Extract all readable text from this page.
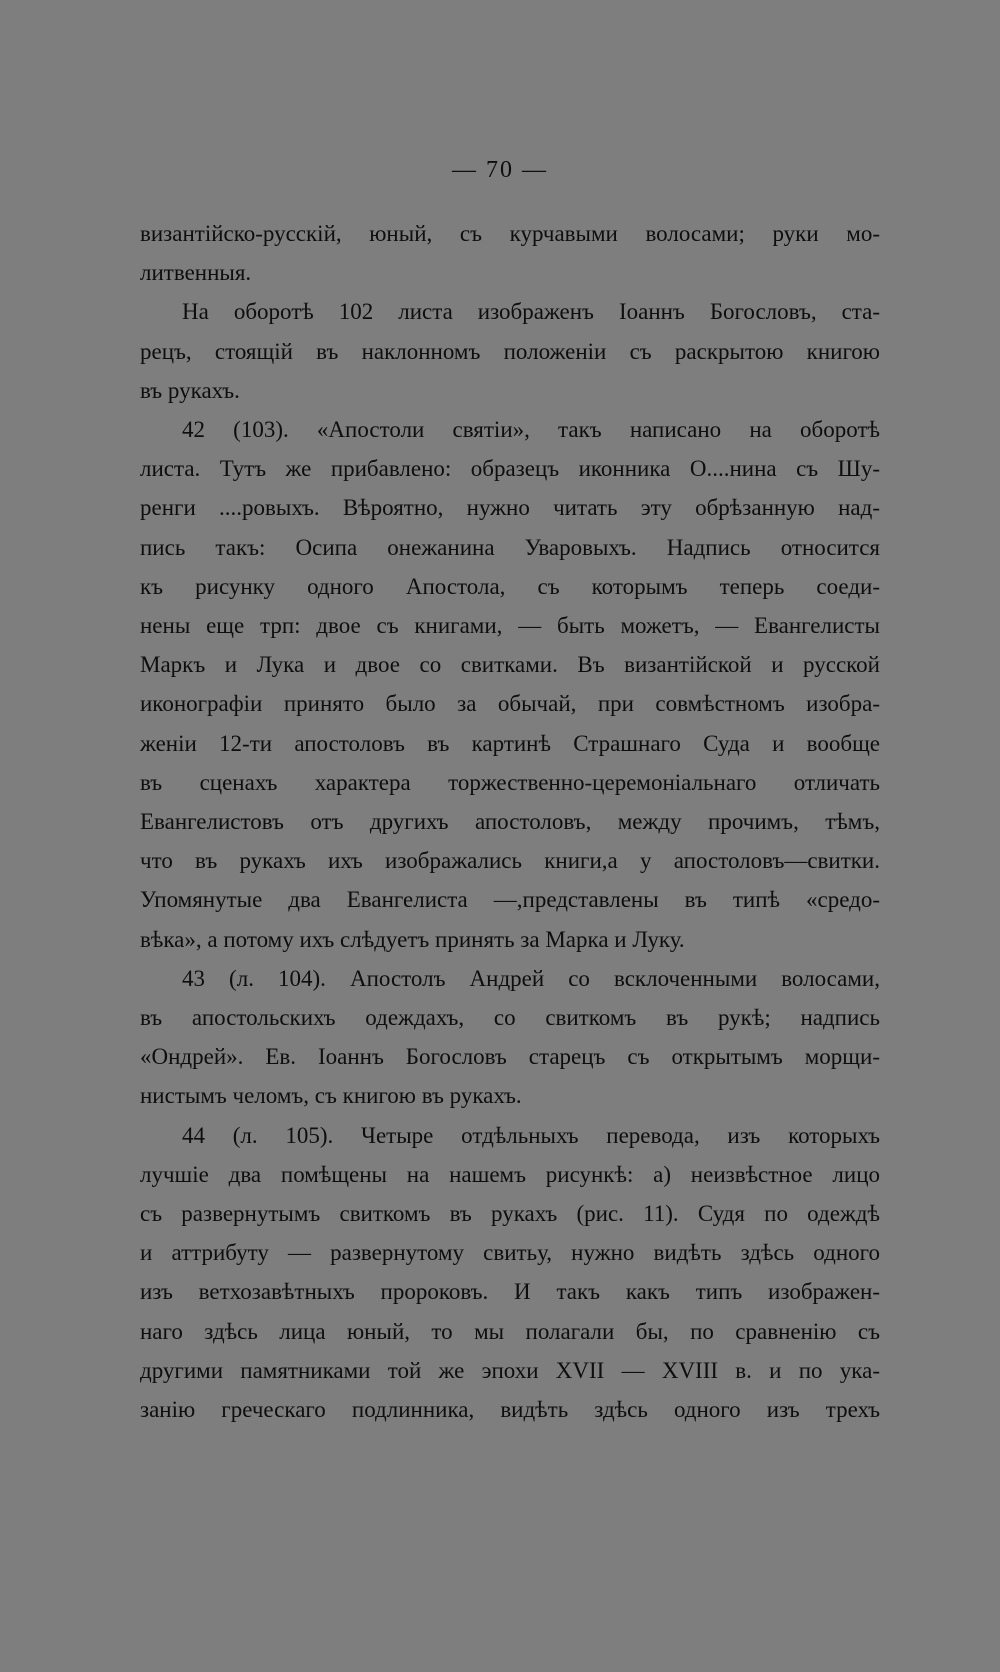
— 70 —

византійско-русскій, юный, съ курчавыми волосами; руки мо-
литвенныя.

На оборотѣ 102 листа изображенъ Іоаннъ Богословъ, ста-
рецъ, стоящій въ наклонномъ положеніи съ раскрытою книгою
въ рукахъ.

42 (103). «Апостоли святіи», такъ написано на оборотѣ
листа. Тутъ же прибавлено: образецъ иконника О....нина съ Шу-
ренги ....ровыхъ. Вѣроятно, нужно читать эту обрѣзанную над-
пись такъ: Осипа онежанина Уваровыхъ. Надпись относится
къ рисунку одного Апостола, съ которымъ теперь соеди-
нены еще трп: двое съ книгами, — быть можетъ, — Евангелисты
Маркъ и Лука и двое со свитками. Въ византійской и русской
иконографіи принято было за обычай, при совмѣстномъ изобра-
женіи 12-ти апостоловъ въ картинѣ Страшнаго Суда и вообще
въ сценахъ характера торжественно-церемоніальнаго отличать
Евангелистовъ отъ другихъ апостоловъ, между прочимъ, тѣмъ,
что въ рукахъ ихъ изображались книги,а у апостоловъ—свитки.
Упомянутые два Евангелиста —,представлены въ типѣ «средо-
вѣка», а потому ихъ слѣдуетъ принять за Марка и Луку.

43 (л. 104). Апостолъ Андрей со всклоченными волосами,
въ апостольскихъ одеждахъ, со свиткомъ въ рукѣ; надпись
«Ондрей». Ев. Іоаннъ Богословъ старецъ съ открытымъ морщи-
нистымъ челомъ, съ книгою въ рукахъ.

44 (л. 105). Четыре отдѣльныхъ перевода, изъ которыхъ
лучшіе два помѣщены на нашемъ рисункѣ: а) неизвѣстное лицо
съ развернутымъ свиткомъ въ рукахъ (рис. 11). Судя по одеждѣ
и аттрибуту — развернутому свитьу, нужно видѣть здѣсь одного
изъ ветхозавѣтныхъ пророковъ. И такъ какъ типъ изображен-
наго здѣсь лица юный, то мы полагали бы, по сравненію съ
другими памятниками той же эпохи XVII — XVIII в. и по ука-
занію греческаго подлинника, видѣть здѣсь одного изъ трехъ
